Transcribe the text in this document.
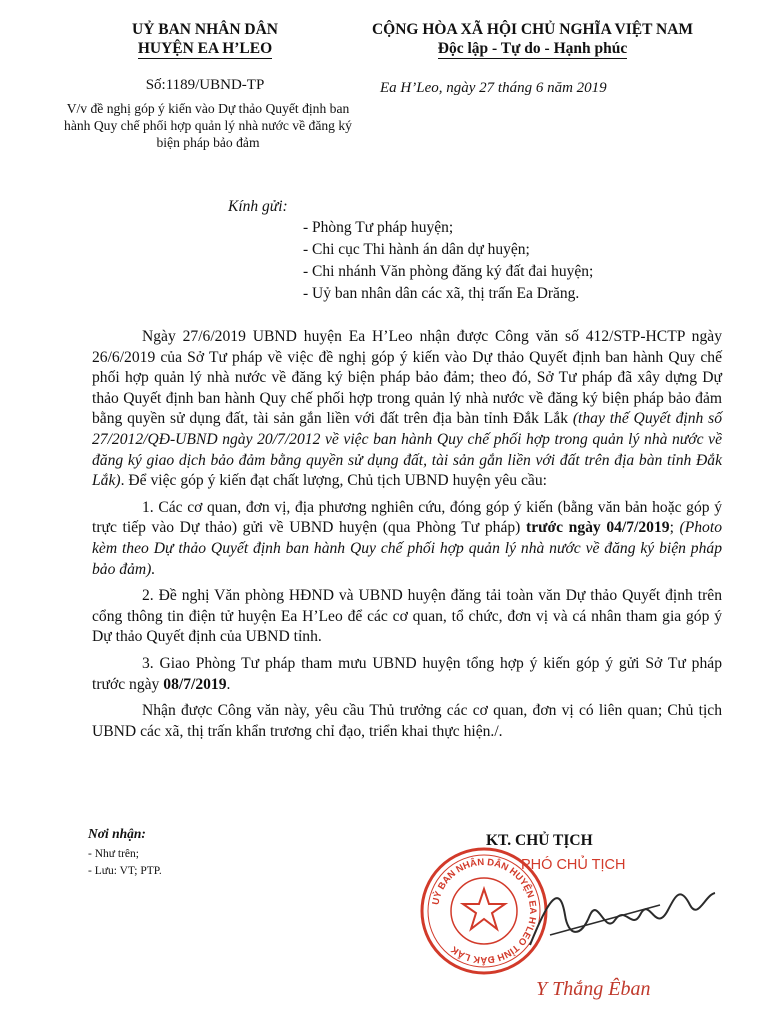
UỶ BAN NHÂN DÂN
HUYỆN EA H’LEO
CỘNG HÒA XÃ HỘI CHỦ NGHĨA VIỆT NAM
Độc lập - Tự do - Hạnh phúc
Số:1189/UBND-TP
V/v đề nghị góp ý kiến vào Dự thảo Quyết định ban hành Quy chế phối hợp quản lý nhà nước về đăng ký biện pháp bảo đảm
Ea H’Leo, ngày 27 tháng 6 năm 2019
Kính gửi:
- Phòng Tư pháp huyện;
- Chi cục Thi hành án dân dự huyện;
- Chi nhánh Văn phòng đăng ký đất đai huyện;
- Uỷ ban nhân dân các xã, thị trấn Ea Drăng.

Ngày 27/6/2019 UBND huyện Ea H’Leo nhận được Công văn số 412/STP-HCTP ngày 26/6/2019 của Sở Tư pháp về việc đề nghị góp ý kiến vào Dự thảo Quyết định ban hành Quy chế phối hợp quản lý nhà nước về đăng ký biện pháp bảo đảm; theo đó, Sở Tư pháp đã xây dựng Dự thảo Quyết định ban hành Quy chế phối hợp trong quản lý nhà nước về đăng ký biện pháp bảo đảm bằng quyền sử dụng đất, tài sản gắn liền với đất trên địa bàn tỉnh Đắk Lắk (thay thế Quyết định số 27/2012/QĐ-UBND ngày 20/7/2012 về việc ban hành Quy chế phối hợp trong quản lý nhà nước về đăng ký giao dịch bảo đảm bằng quyền sử dụng đất, tài sản gắn liền với đất trên địa bàn tỉnh Đắk Lắk). Để việc góp ý kiến đạt chất lượng, Chủ tịch UBND huyện yêu cầu:

1. Các cơ quan, đơn vị, địa phương nghiên cứu, đóng góp ý kiến (bằng văn bản hoặc góp ý trực tiếp vào Dự thảo) gửi về UBND huyện (qua Phòng Tư pháp) trước ngày 04/7/2019; (Photo kèm theo Dự thảo Quyết định ban hành Quy chế phối hợp quản lý nhà nước về đăng ký biện pháp bảo đảm).

2. Đề nghị Văn phòng HĐND và UBND huyện đăng tải toàn văn Dự thảo Quyết định trên cổng thông tin điện tử huyện Ea H’Leo để các cơ quan, tổ chức, đơn vị và cá nhân tham gia góp ý Dự thảo Quyết định của UBND tỉnh.

3. Giao Phòng Tư pháp tham mưu UBND huyện tổng hợp ý kiến góp ý gửi Sở Tư pháp trước ngày 08/7/2019.

Nhận được Công văn này, yêu cầu Thủ trưởng các cơ quan, đơn vị có liên quan; Chủ tịch UBND các xã, thị trấn khẩn trương chỉ đạo, triển khai thực hiện./.

Nơi nhận:
- Như trên;
- Lưu: VT; PTP.
KT. CHỦ TỊCH
PHÓ CHỦ TỊCH
UỶ BAN NHÂN DÂN HUYỆN EA H’LEO TỈNH ĐẮK LẮK
Y Thắng Êban
